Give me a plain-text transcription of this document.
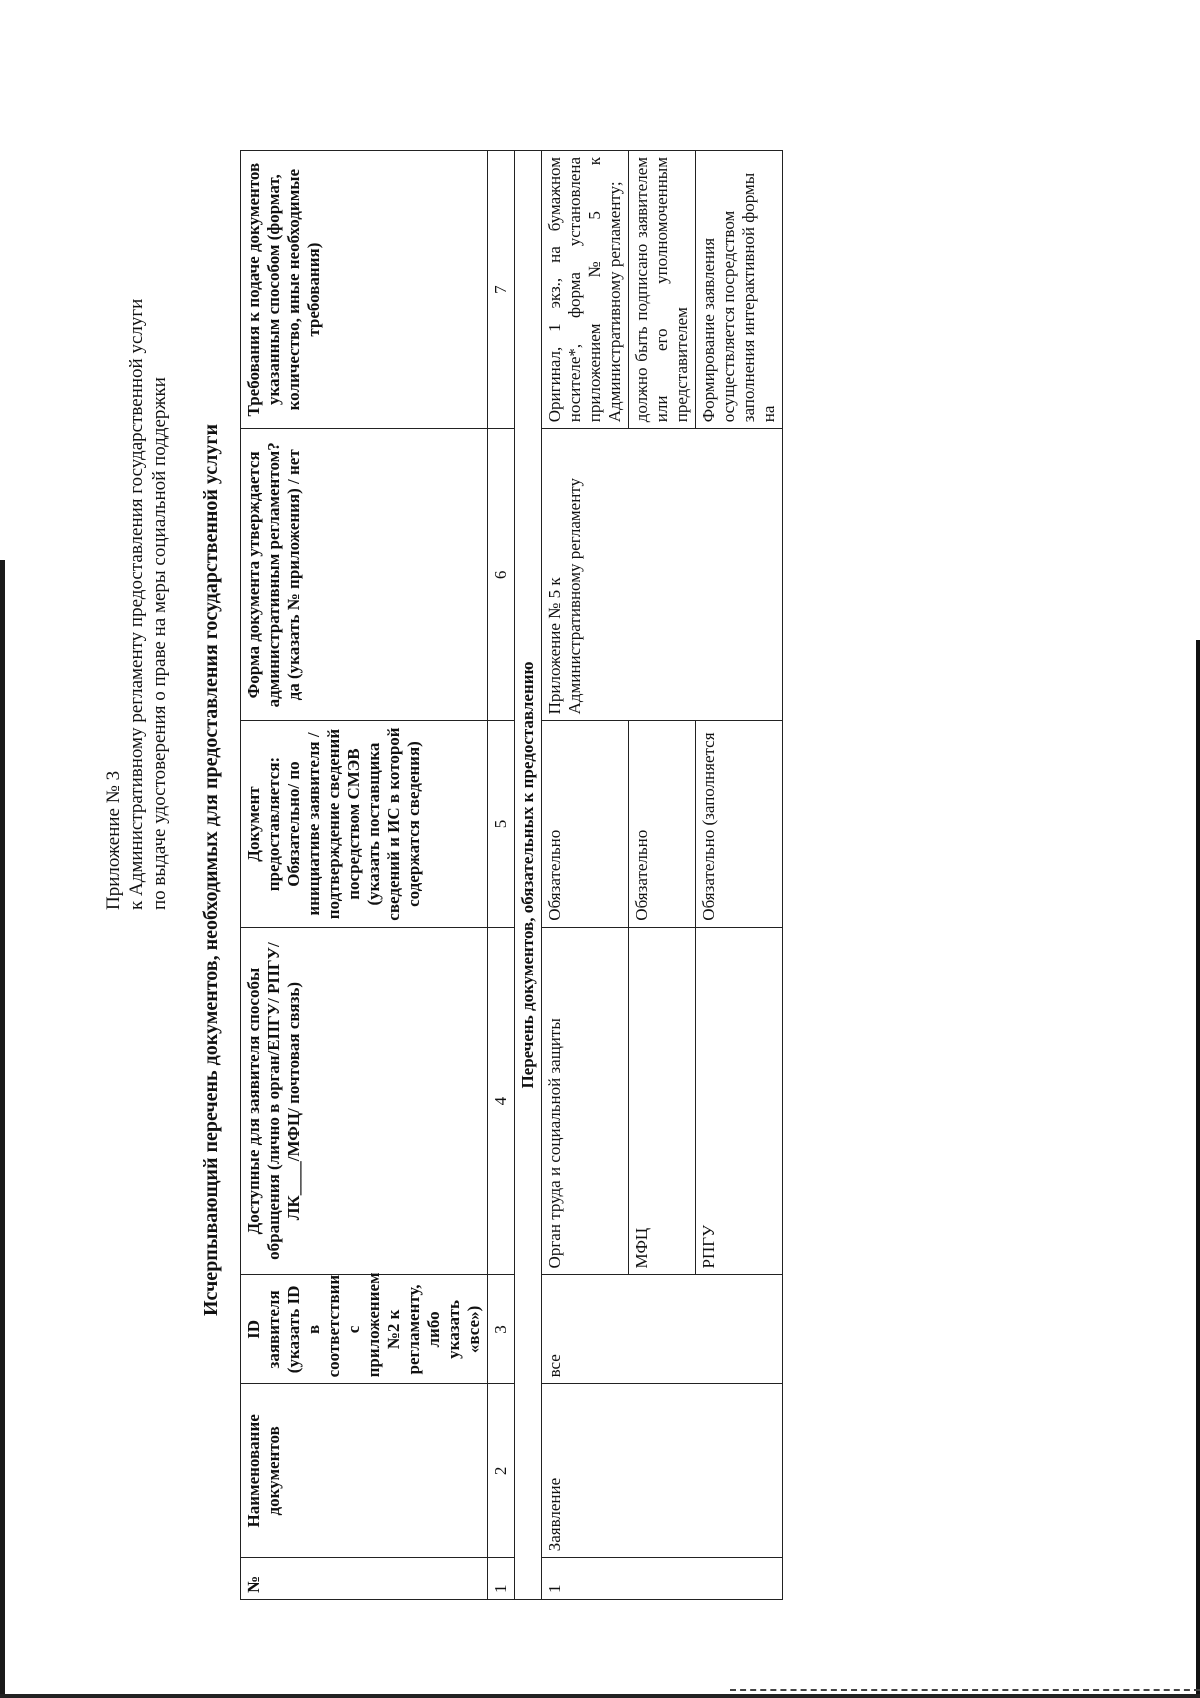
Приложение № 3 к Административному регламенту предоставления государственной услуги по выдаче удостоверения о праве на меры социальной поддержки Исчерпывающий перечень документов, необходимых для предоставления государственной услуги
№	Наименование документов	ID заявителя (указать ID в соответствии с приложением №2 к регламенту, либо указать «все»)	Доступные для заявителя способы обращения (лично в орган/ЕПГУ/ РПГУ/ЛК____/МФЦ/ почтовая связь)	Документ предоставляется: Обязательно/ по инициативе заявителя /подтверждение сведений посредством СМЭВ (указать поставщика сведений и ИС в которой содержатся сведения)	Форма документа утверждается административным регламентом? да (указать № приложения) / нет	Требования к подаче документов указанным способом (формат, количество, иные необходимые требования)
1	2	3	4	5	6	7
Перечень документов, обязательных к предоставлению						
1	Заявление	все	Орган труда и социальной защиты	Обязательно	Приложение № 5 к Административному регламенту	Оригинал, 1 экз., на бумажном носителе*, форма установлена приложением №5 к Административному регламенту;
			МФЦ	Обязательно		должно быть подписано заявителем или его уполномоченным представителем
			РПГУ	Обязательно (заполняется		Формирование заявления осуществляется посредством заполнения интерактивной формы на
